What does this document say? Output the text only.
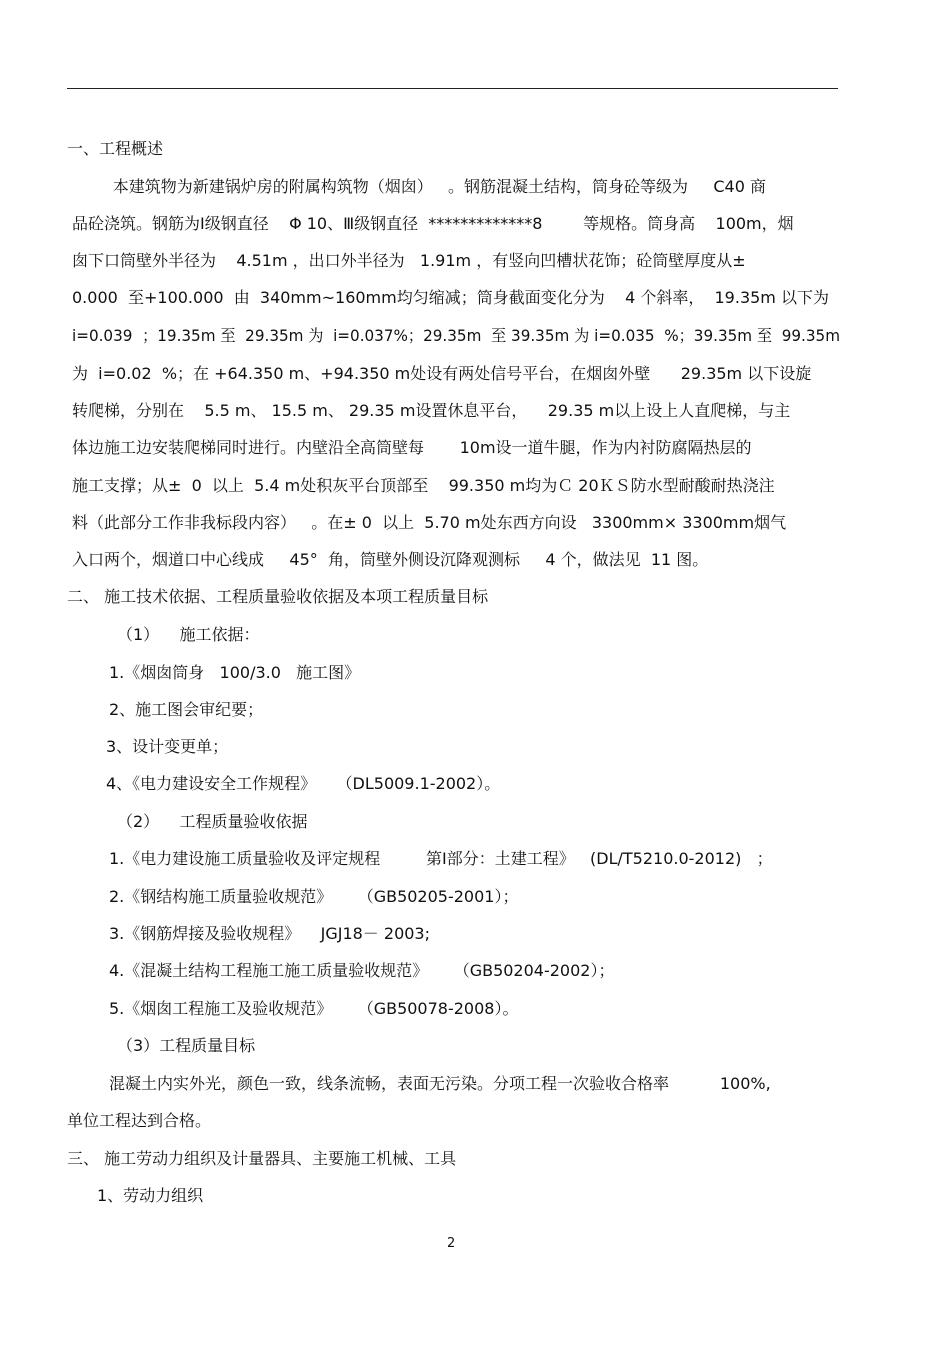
一、工程概述
本建筑物为新建锅炉房的附属构筑物（烟囱）   。钢筋混凝土结构，筒身砼等级为     C40 商
品砼浇筑。钢筋为Ⅰ级钢直径    Φ 10、Ⅲ级钢直径  *************8        等规格。筒身高    100m，烟
囱下口筒壁外半径为    4.51m ，出口外半径为   1.91m ，有竖向凹槽状花饰；砼筒壁厚度从±
0.000  至+100.000  由  340mm~160mm均匀缩减；筒身截面变化分为    4 个斜率，  19.35m 以下为
i=0.039  ；19.35m 至  29.35m 为  i=0.037%；29.35m  至 39.35m 为 i=0.035  %；39.35m 至  99.35m
为  i=0.02  %；在 +64.350 m、+94.350 m处设有两处信号平台，在烟囱外壁      29.35m 以下设旋
转爬梯，分别在    5.5 m、 15.5 m、 29.35 m设置休息平台，    29.35 m以上设上人直爬梯，与主
体边施工边安装爬梯同时进行。内壁沿全高筒壁每       10m设一道牛腿，作为内衬防腐隔热层的
施工支撑；从±  0  以上  5.4 m处积灰平台顶部至    99.350 m均为Ｃ 20ＫＳ防水型耐酸耐热浇注
料（此部分工作非我标段内容）   。在± 0  以上  5.70 m处东西方向设   3300mm× 3300mm烟气
入口两个，烟道口中心线成     45°  角，筒壁外侧设沉降观测标     4 个，做法见  11 图。
二、 施工技术依据、工程质量验收依据及本项工程质量目标
（1）    施工依据：
1.《烟囱筒身   100/3.0   施工图》
2、施工图会审纪要；
3、设计变更单；
4、《电力建设安全工作规程》    （DL5009.1-2002）。
（2）    工程质量验收依据
1.《电力建设施工质量验收及评定规程         第Ⅰ部分：土建工程》   (DL/T5210.0-2012)   ；
2.《钢结构施工质量验收规范》     （GB50205-2001）；
3.《钢筋焊接及验收规程》    JGJ18－ 2003;
4.《混凝土结构工程施工施工质量验收规范》     （GB50204-2002）；
5.《烟囱工程施工及验收规范》     （GB50078-2008）。
（3）工程质量目标
混凝土内实外光，颜色一致，线条流畅，表面无污染。分项工程一次验收合格率          100%,
单位工程达到合格。
三、 施工劳动力组织及计量器具、主要施工机械、工具
1、劳动力组织
2
